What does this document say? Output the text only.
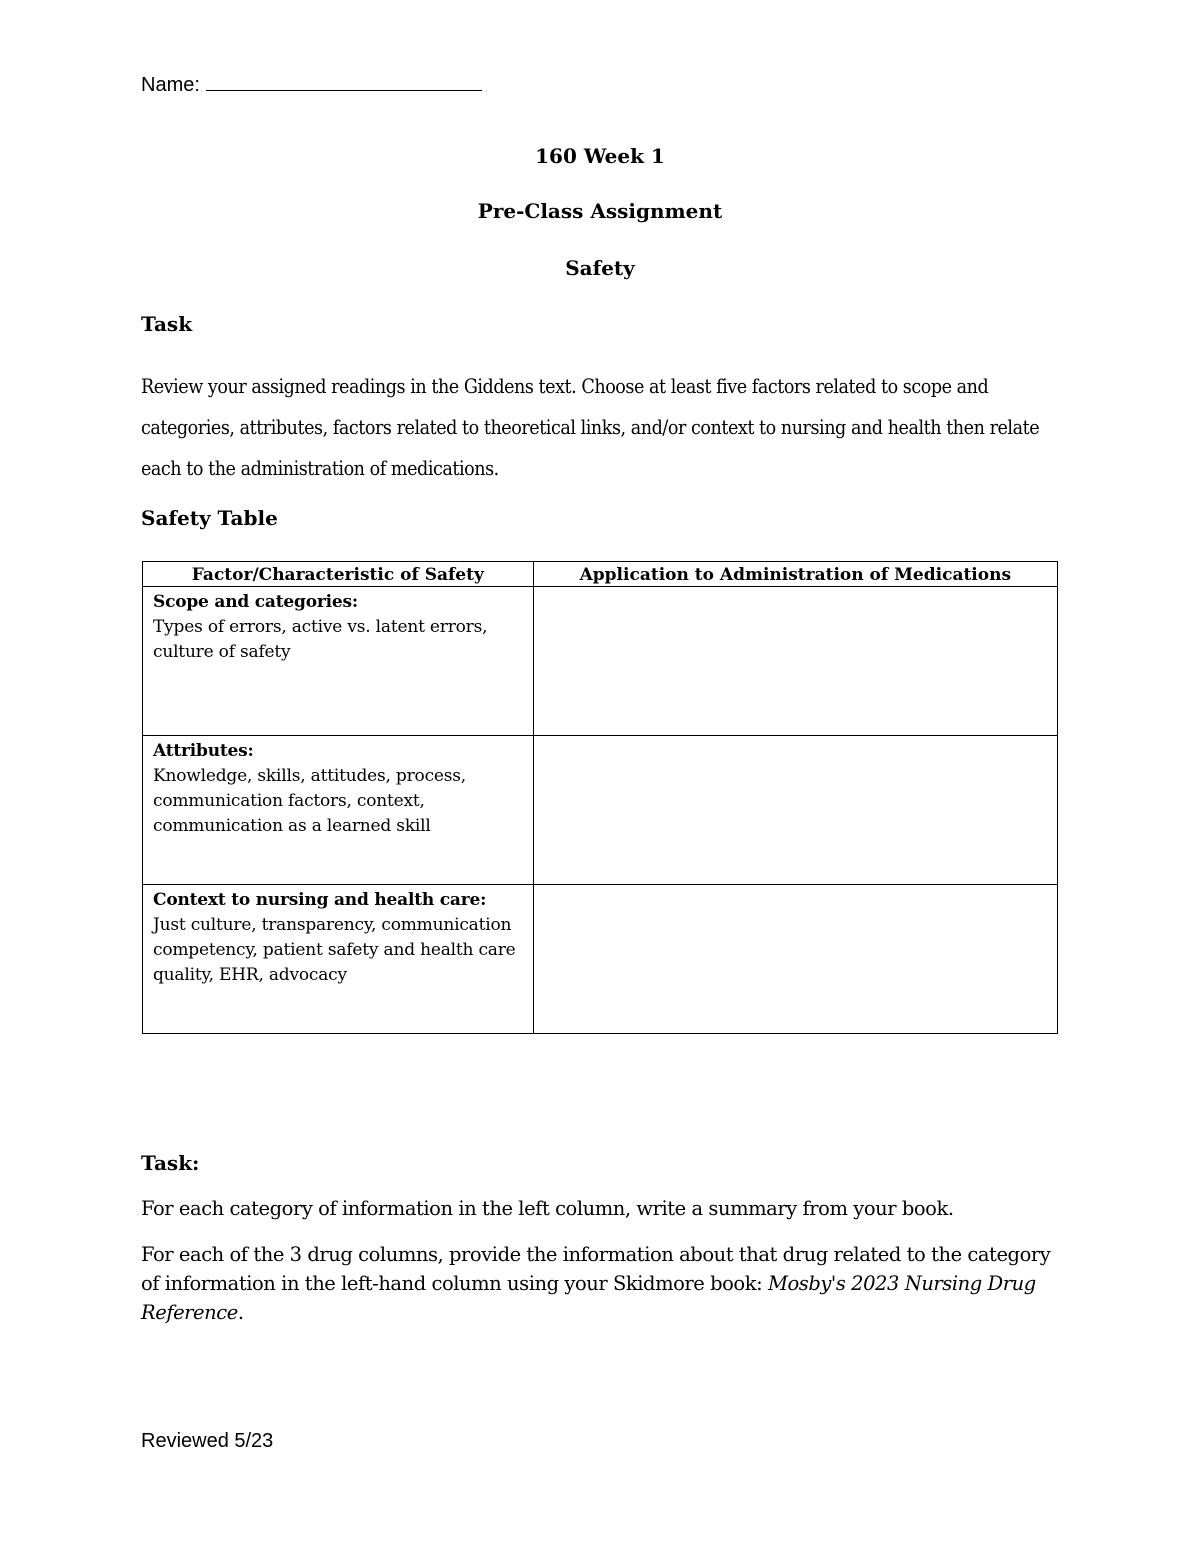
Name:
160 Week 1
Pre-Class Assignment
Safety
Task
Review your assigned readings in the Giddens text. Choose at least five factors related to scope and categories, attributes, factors related to theoretical links, and/or context to nursing and health then relate each to the administration of medications.
Safety Table
Factor/Characteristic of Safety	Application to Administration of Medications

Scope and categories:
Types of errors, active vs. latent errors, culture of safety	

Attributes:
Knowledge, skills, attitudes, process, communication factors, context, communication as a learned skill	

Context to nursing and health care:
Just culture, transparency, communication competency, patient safety and health care quality, EHR, advocacy	

Task:
For each category of information in the left column, write a summary from your book.
For each of the 3 drug columns, provide the information about that drug related to the category of information in the left-hand column using your Skidmore book: Mosby's 2023 Nursing Drug Reference.
Reviewed 5/23
